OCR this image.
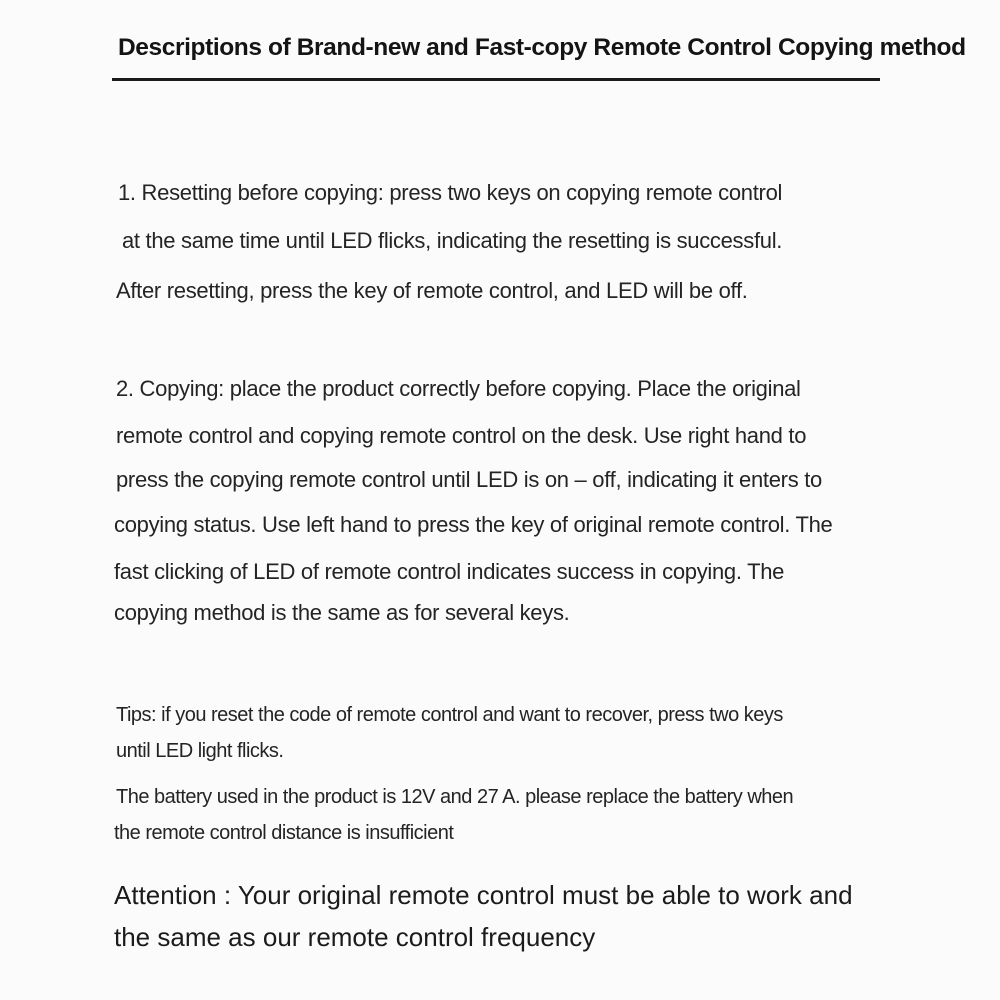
Descriptions of Brand-new and Fast-copy Remote Control Copying method
1. Resetting before copying: press two keys on copying remote control
at the same time until LED flicks, indicating the resetting is successful.
After resetting, press the key of remote control, and LED will be off.
2. Copying: place the product correctly before copying. Place the original
remote control and copying remote control on the desk. Use right hand to
press the copying remote control until LED is on – off, indicating it enters to
copying status. Use left hand to press the key of original remote control. The
fast clicking of LED of remote control indicates success in copying. The
copying method is the same as for several keys.
Tips: if you reset the code of remote control and want to recover, press two keys
until LED light flicks.
The battery used in the product is 12V and 27 A. please replace the battery when
the remote control distance is insufficient
Attention : Your original remote control must be able to work and
the same as our remote control frequency
